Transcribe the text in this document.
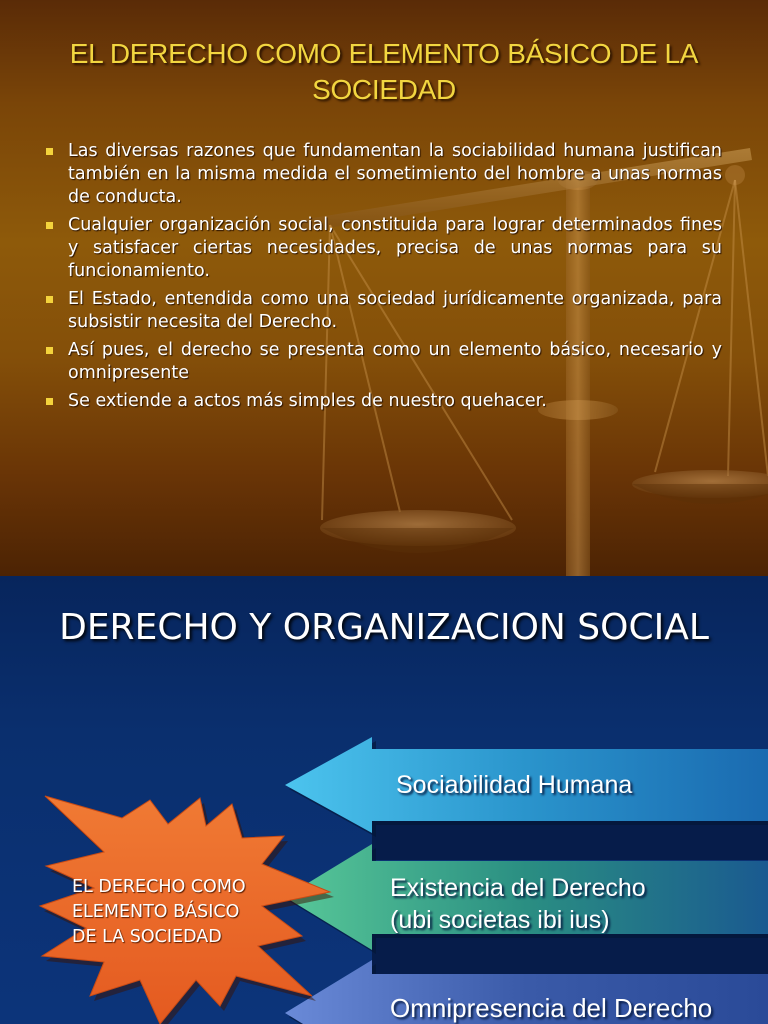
EL DERECHO COMO ELEMENTO BÁSICO DE LA SOCIEDAD
Las diversas razones que fundamentan la sociabilidad humana justifican también en la misma medida el sometimiento del hombre a unas normas de conducta.
Cualquier organización social, constituida para lograr determinados fines y satisfacer ciertas necesidades, precisa de unas normas para su funcionamiento.
El Estado, entendida como una sociedad jurídicamente organizada, para subsistir necesita del Derecho.
Así pues, el derecho se presenta como un elemento básico, necesario y omnipresente
Se extiende a actos más simples de nuestro quehacer.
DERECHO Y ORGANIZACION SOCIAL
Sociabilidad Humana
Existencia del Derecho
(ubi societas ibi ius)
Omnipresencia del Derecho
EL DERECHO COMO
ELEMENTO BÁSICO
DE LA SOCIEDAD
